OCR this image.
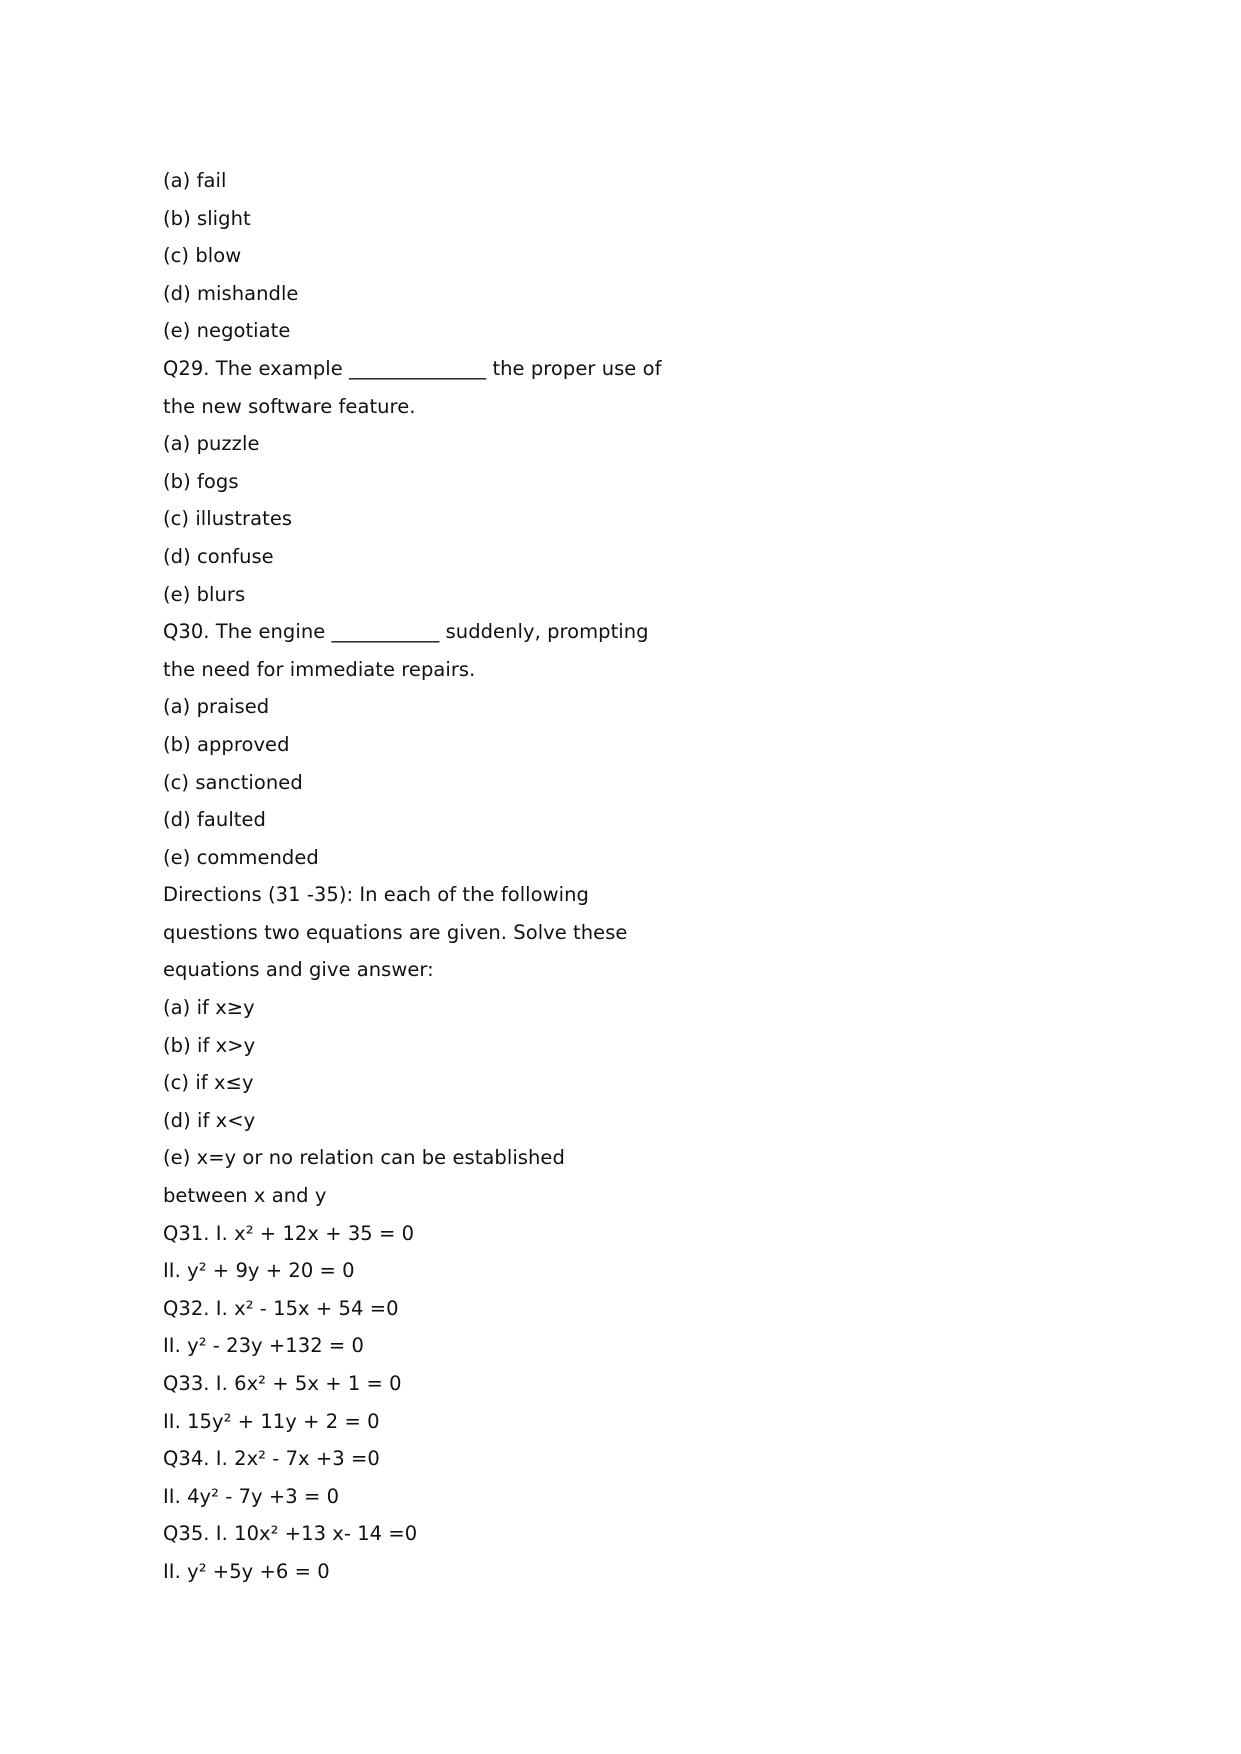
(a) fail
(b) slight
(c) blow
(d) mishandle
(e) negotiate
Q29. The example ______________ the proper use of
the new software feature.
(a) puzzle
(b) fogs
(c) illustrates
(d) confuse
(e) blurs
Q30. The engine ___________ suddenly, prompting
the need for immediate repairs.
(a) praised
(b) approved
(c) sanctioned
(d) faulted
(e) commended
Directions (31 -35): In each of the following
questions two equations are given. Solve these
equations and give answer:
(a) if x≥y
(b) if x>y
(c) if x≤y
(d) if x<y
(e) x=y or no relation can be established
between x and y
Q31. I. x² + 12x + 35 = 0
II. y² + 9y + 20 = 0
Q32. I. x² - 15x + 54 =0
II. y² - 23y +132 = 0
Q33. I. 6x² + 5x + 1 = 0
II. 15y² + 11y + 2 = 0
Q34. I. 2x² - 7x +3 =0
II. 4y² - 7y +3 = 0
Q35. I. 10x² +13 x- 14 =0
II. y² +5y +6 = 0
